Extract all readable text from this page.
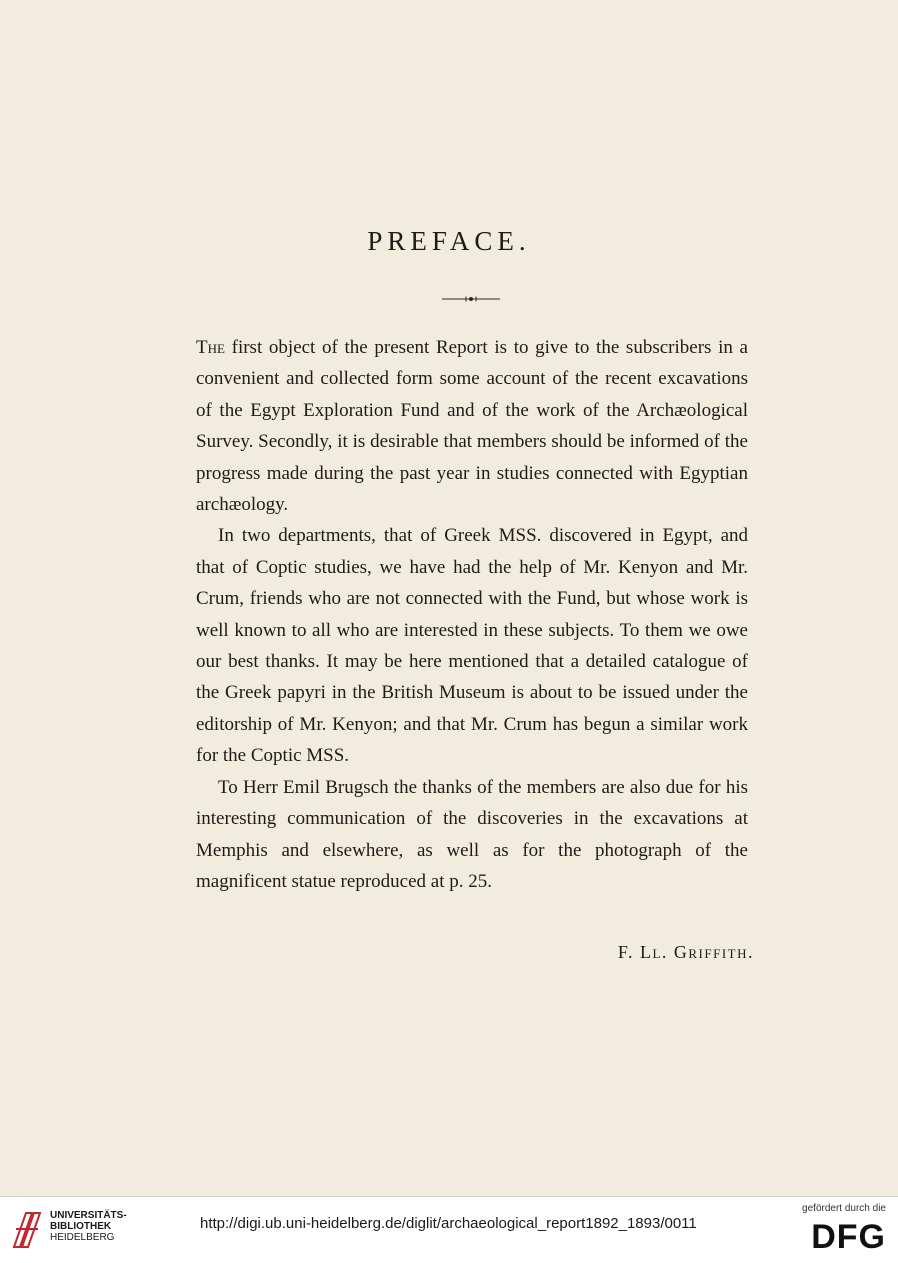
PREFACE.

The first object of the present Report is to give to the subscribers in a convenient and collected form some account of the recent excavations of the Egypt Exploration Fund and of the work of the Archæological Survey. Secondly, it is desirable that members should be informed of the progress made during the past year in studies connected with Egyptian archæology.

In two departments, that of Greek MSS. discovered in Egypt, and that of Coptic studies, we have had the help of Mr. Kenyon and Mr. Crum, friends who are not connected with the Fund, but whose work is well known to all who are interested in these subjects. To them we owe our best thanks. It may be here mentioned that a detailed catalogue of the Greek papyri in the British Museum is about to be issued under the editorship of Mr. Kenyon; and that Mr. Crum has begun a similar work for the Coptic MSS.

To Herr Emil Brugsch the thanks of the members are also due for his interesting communication of the discoveries in the excavations at Memphis and elsewhere, as well as for the photograph of the magnificent statue reproduced at p. 25.

F. Ll. Griffith.
UNIVERSITÄTS-
BIBLIOTHEK
HEIDELBERG
http://digi.ub.uni-heidelberg.de/diglit/archaeological_report1892_1893/0011
gefördert durch die
DFG
